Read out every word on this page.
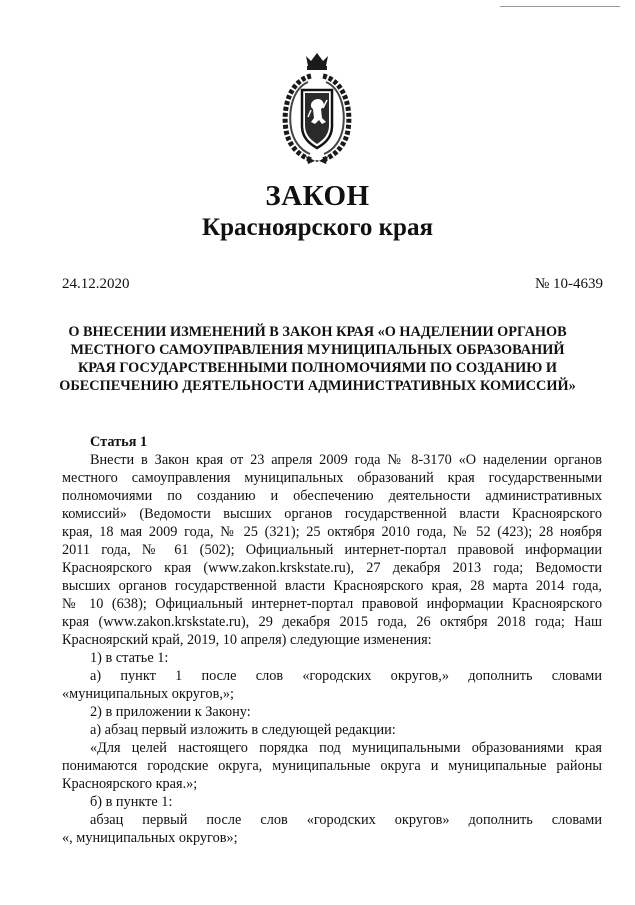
ЗАКОН
Красноярского края
24.12.2020	№ 10-4639
О ВНЕСЕНИИ ИЗМЕНЕНИЙ В ЗАКОН КРАЯ «О НАДЕЛЕНИИ ОРГАНОВ
МЕСТНОГО САМОУПРАВЛЕНИЯ МУНИЦИПАЛЬНЫХ ОБРАЗОВАНИЙ
КРАЯ ГОСУДАРСТВЕННЫМИ ПОЛНОМОЧИЯМИ ПО СОЗДАНИЮ И
ОБЕСПЕЧЕНИЮ ДЕЯТЕЛЬНОСТИ АДМИНИСТРАТИВНЫХ КОМИССИЙ»
Статья 1
Внести в Закон края от 23 апреля 2009 года № 8-3170 «О наделении органов
местного самоуправления муниципальных образований края государственными
полномочиями по созданию и обеспечению деятельности административных
комиссий» (Ведомости высших органов государственной власти Красноярского
края, 18 мая 2009 года, № 25 (321); 25 октября 2010 года, № 52 (423); 28 ноября
2011 года, № 61 (502); Официальный интернет-портал правовой информации
Красноярского края (www.zakon.krskstate.ru), 27 декабря 2013 года; Ведомости
высших органов государственной власти Красноярского края, 28 марта 2014 года,
№ 10 (638); Официальный интернет-портал правовой информации Красноярского
края (www.zakon.krskstate.ru), 29 декабря 2015 года, 26 октября 2018 года; Наш
Красноярский край, 2019, 10 апреля) следующие изменения:
1) в статье 1:
а) пункт 1 после слов «городских округов,» дополнить словами
«муниципальных округов,»;
2) в приложении к Закону:
а) абзац первый изложить в следующей редакции:
«Для целей настоящего порядка под муниципальными образованиями края
понимаются городские округа, муниципальные округа и муниципальные районы
Красноярского края.»;
б) в пункте 1:
абзац первый после слов «городских округов» дополнить словами
«, муниципальных округов»;
